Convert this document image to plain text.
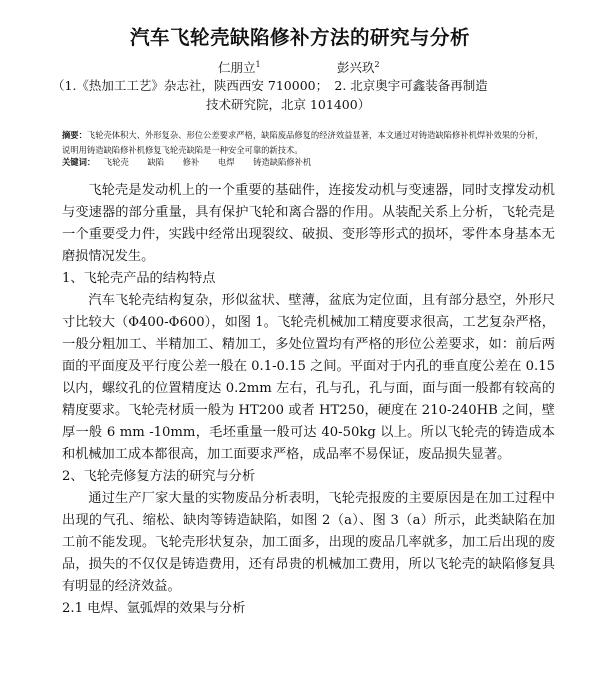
汽车飞轮壳缺陷修补方法的研究与分析
仁朋立$^1$	彭兴玖$^2$
（1.《热加工工艺》杂志社，陕西西安 710000；　2. 北京奥宇可鑫装备再制造
技术研究院，北京 101400）
摘要：飞轮壳体积大、外形复杂、形位公差要求严格，缺陷废品修复的经济效益显著，本文通过对铸造缺陷修补机焊补效果的分析，说明用铸造缺陷修补机修复飞轮壳缺陷是一种安全可靠的新技术。
关键词： 飞轮壳 缺陷 修补 电焊 铸造缺陷修补机

飞轮壳是发动机上的一个重要的基础件，连接发动机与变速器，同时支撑发动机与变速器的部分重量，具有保护飞轮和离合器的作用。从装配关系上分析，飞轮壳是一个重要受力件，实践中经常出现裂纹、破损、变形等形式的损坏，零件本身基本无磨损情况发生。

1、飞轮壳产品的结构特点

汽车飞轮壳结构复杂，形似盆状、壁薄，盆底为定位面，且有部分悬空，外形尺寸比较大（Φ400-Φ600），如图 1。飞轮壳机械加工精度要求很高，工艺复杂严格，一般分粗加工、半精加工、精加工，多处位置均有严格的形位公差要求，如：前后两面的平面度及平行度公差一般在 0.1-0.15 之间。平面对于内孔的垂直度公差在 0.15 以内，螺纹孔的位置精度达 0.2mm 左右，孔与孔，孔与面，面与面一般都有较高的精度要求。飞轮壳材质一般为 HT200 或者 HT250，硬度在 210-240HB 之间，壁厚一般 6 mm -10mm，毛坯重量一般可达 40-50kg 以上。所以飞轮壳的铸造成本和机械加工成本都很高，加工面要求严格，成品率不易保证，废品损失显著。

2、飞轮壳修复方法的研究与分析

通过生产厂家大量的实物废品分析表明，飞轮壳报废的主要原因是在加工过程中出现的气孔、缩松、缺肉等铸造缺陷，如图 2（a）、图 3（a）所示，此类缺陷在加工前不能发现。飞轮壳形状复杂，加工面多，出现的废品几率就多，加工后出现的废品，损失的不仅仅是铸造费用，还有昂贵的机械加工费用，所以飞轮壳的缺陷修复具有明显的经济效益。

2.1 电焊、氩弧焊的效果与分析
